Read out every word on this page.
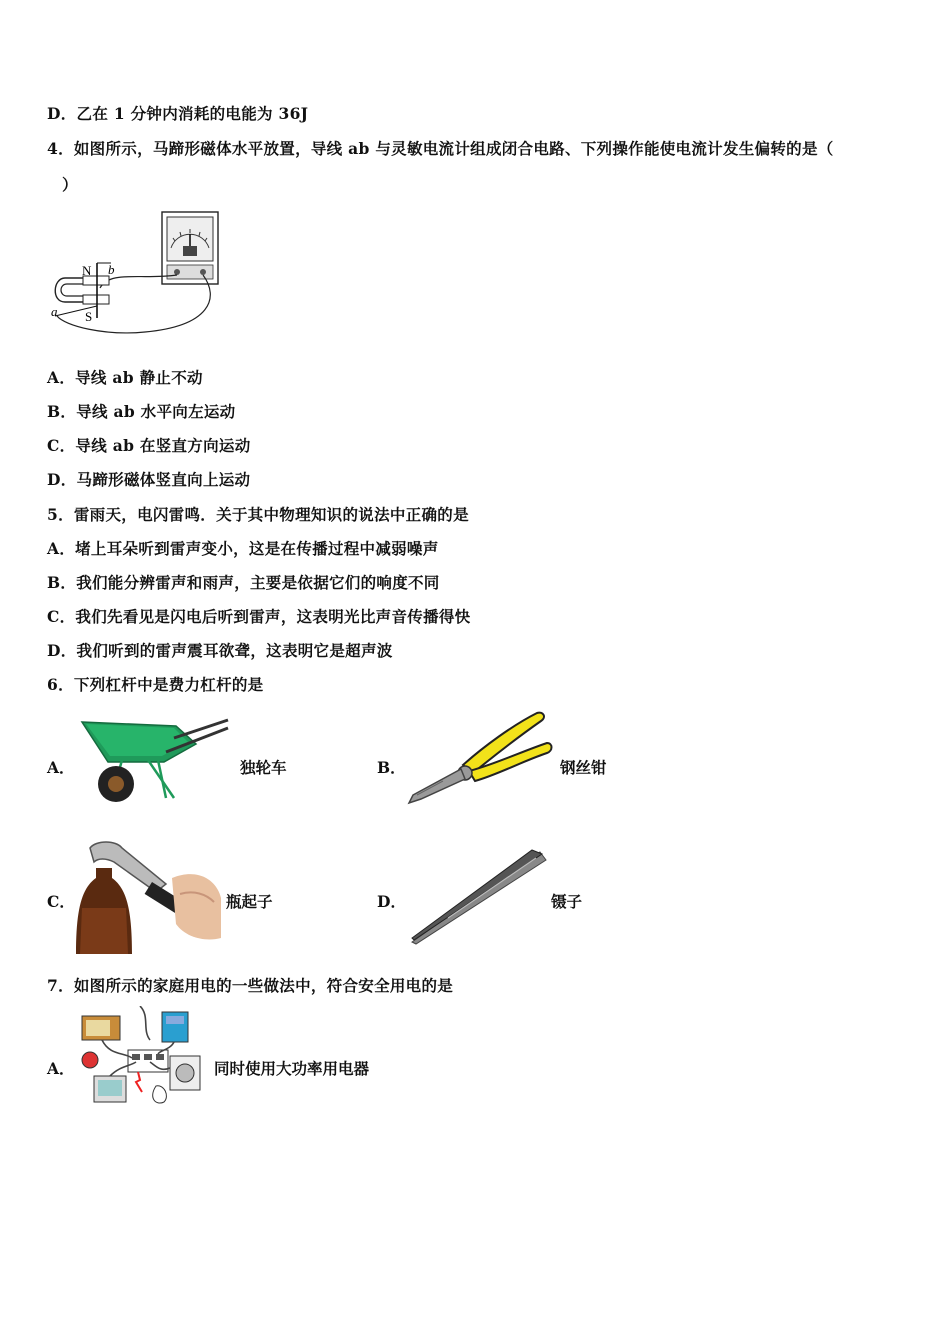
D．乙在 1 分钟内消耗的电能为 36J
4．如图所示，马蹄形磁体水平放置，导线 ab 与灵敏电流计组成闭合电路、下列操作能使电流计发生偏转的是（
）
N b
S
a
A．导线 ab 静止不动
B．导线 ab 水平向左运动
C．导线 ab 在竖直方向运动
D．马蹄形磁体竖直向上运动
5．雷雨天，电闪雷鸣．关于其中物理知识的说法中正确的是
A．堵上耳朵听到雷声变小，这是在传播过程中减弱噪声
B．我们能分辨雷声和雨声，主要是依据它们的响度不同
C．我们先看见是闪电后听到雷声，这表明光比声音传播得快
D．我们听到的雷声震耳欲聋，这表明它是超声波
6．下列杠杆中是费力杠杆的是
A．	独轮车	B．	钢丝钳
C．	瓶起子	D．	镊子
7．如图所示的家庭用电的一些做法中，符合安全用电的是
A．	同时使用大功率用电器
